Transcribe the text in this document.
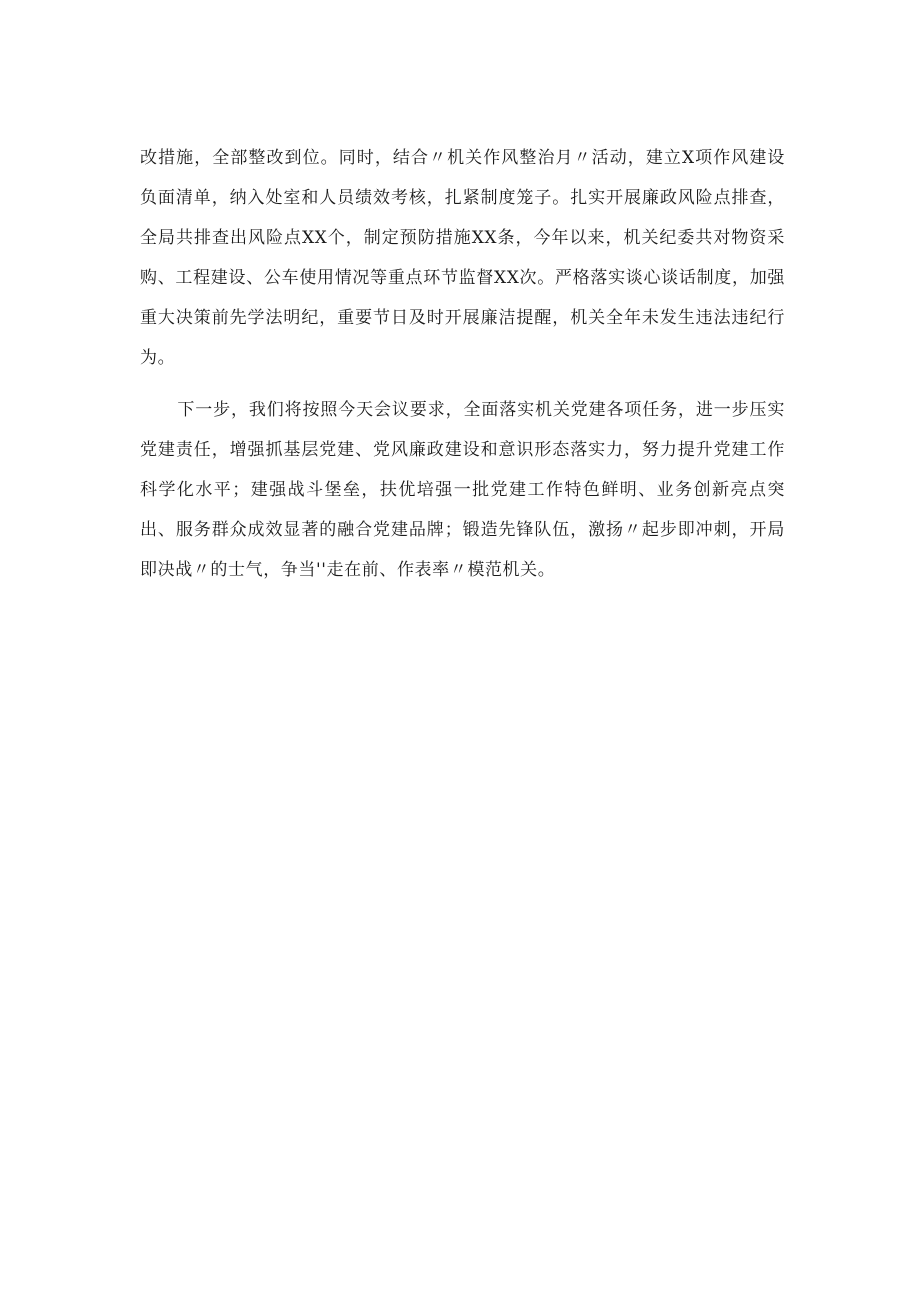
改措施，全部整改到位。同时，结合〃机关作风整治月〃活动，建立X项作风建设负面清单，纳入处室和人员绩效考核，扎紧制度笼子。扎实开展廉政风险点排查，全局共排查出风险点XX个，制定预防措施XX条，今年以来，机关纪委共对物资采购、工程建设、公车使用情况等重点环节监督XX次。严格落实谈心谈话制度，加强重大决策前先学法明纪，重要节日及时开展廉洁提醒，机关全年未发生违法违纪行为。

下一步，我们将按照今天会议要求，全面落实机关党建各项任务，进一步压实党建责任，增强抓基层党建、党风廉政建设和意识形态落实力，努力提升党建工作科学化水平；建强战斗堡垒，扶优培强一批党建工作特色鲜明、业务创新亮点突出、服务群众成效显著的融合党建品牌；锻造先锋队伍，激扬〃起步即冲刺，开局即决战〃的士气，争当''走在前、作表率〃模范机关。
